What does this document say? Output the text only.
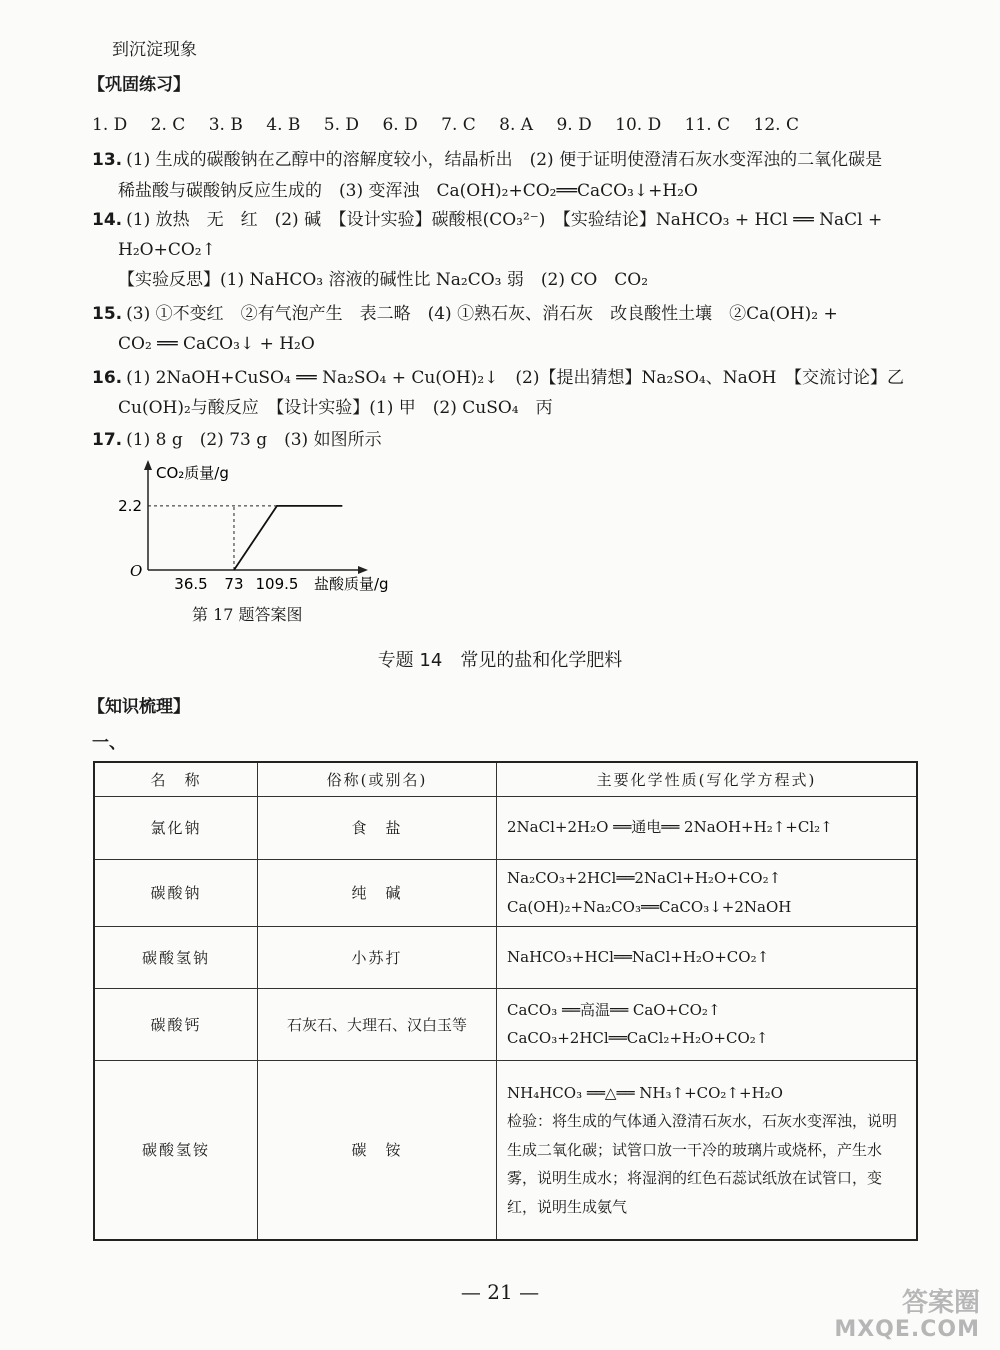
到沉淀现象
【巩固练习】
1. D 2. C 3. B 4. B 5. D 6. D 7. C 8. A 9. D 10. D 11. C 12. C
13. (1) 生成的碳酸钠在乙醇中的溶解度较小，结晶析出　(2) 便于证明使澄清石灰水变浑浊的二氧化碳是
稀盐酸与碳酸钠反应生成的　(3) 变浑浊　Ca(OH)₂+CO₂══CaCO₃↓+H₂O
14. (1) 放热　无　红　(2) 碱　【设计实验】碳酸根(CO₃²⁻)　【实验结论】NaHCO₃ + HCl ══ NaCl +
H₂O+CO₂↑
【实验反思】(1) NaHCO₃ 溶液的碱性比 Na₂CO₃ 弱　(2) CO　CO₂
15. (3) ①不变红　②有气泡产生　表二略　(4) ①熟石灰、消石灰　改良酸性土壤　②Ca(OH)₂ +
CO₂ ══ CaCO₃↓ + H₂O
16. (1) 2NaOH+CuSO₄ ══ Na₂SO₄ + Cu(OH)₂↓　(2)【提出猜想】Na₂SO₄、NaOH　【交流讨论】乙
Cu(OH)₂与酸反应　【设计实验】(1) 甲　(2) CuSO₄　丙
17. (1) 8 g　(2) 73 g　(3) 如图所示
CO₂质量/g
盐酸质量/g
O
36.5 73 109.5
2.2
第 17 题答案图
专题 14　常见的盐和化学肥料
【知识梳理】
一、
名　称	俗称(或别名)	主要化学性质(写化学方程式)
氯化钠	食　盐	2NaCl+2H₂O ══通电══ 2NaOH+H₂↑+Cl₂↑

碳酸钠	纯　碱	Na₂CO₃+2HCl══2NaCl+H₂O+CO₂↑
Ca(OH)₂+Na₂CO₃══CaCO₃↓+2NaOH

碳酸氢钠	小苏打	NaHCO₃+HCl══NaCl+H₂O+CO₂↑

碳酸钙	石灰石、大理石、汉白玉等	CaCO₃ ══高温══ CaO+CO₂↑
CaCO₃+2HCl══CaCl₂+H₂O+CO₂↑

碳酸氢铵	碳　铵	NH₄HCO₃ ══△══ NH₃↑+CO₂↑+H₂O
检验：将生成的气体通入澄清石灰水，石灰水变浑浊，说明生成二氧化碳；试管口放一干冷的玻璃片或烧杯，产生水雾，说明生成水；将湿润的红色石蕊试纸放在试管口，变红，说明生成氨气
— 21 —	答案圈
MXQE.COM
